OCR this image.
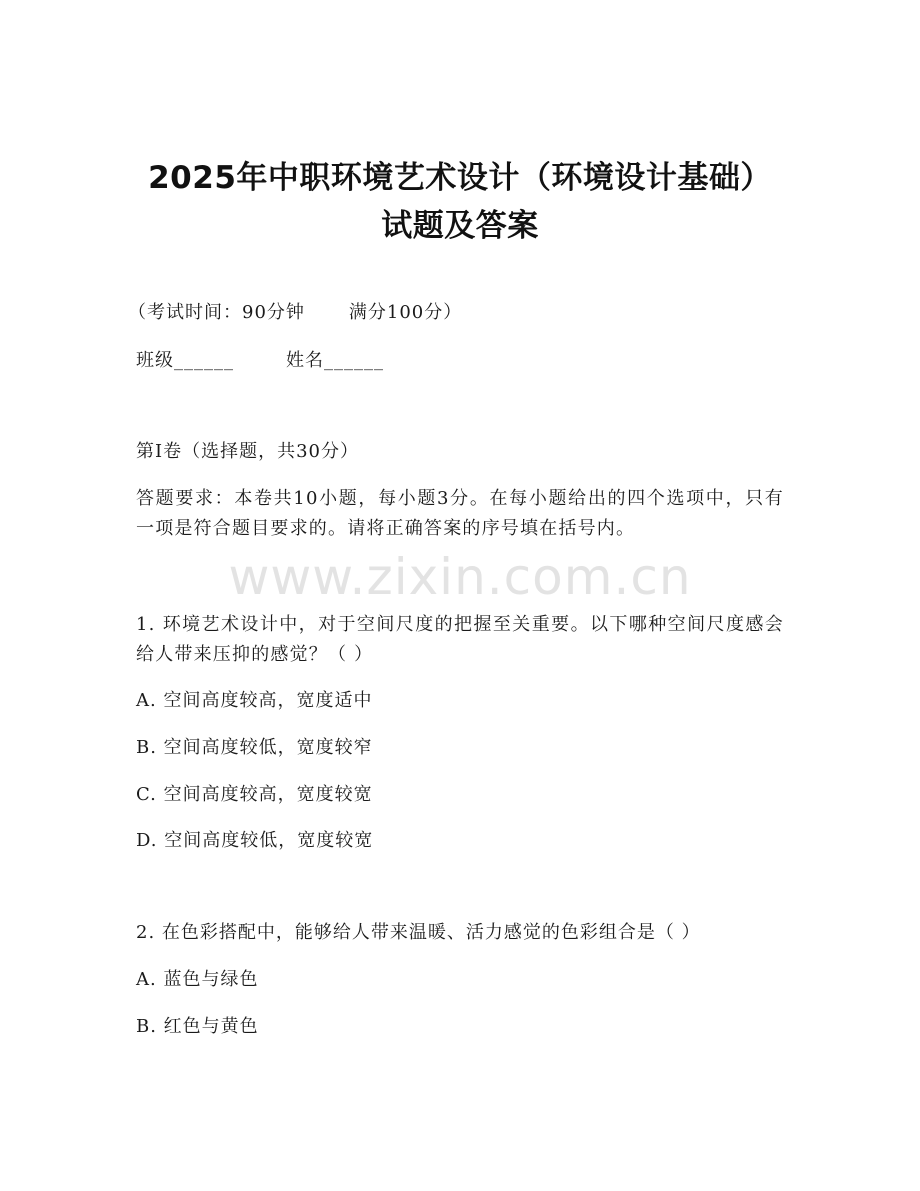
2025年中职环境艺术设计（环境设计基础）
试题及答案
（考试时间：90分钟 满分100分）
班级______	姓名______
第I卷（选择题，共30分）
答题要求：本卷共10小题，每小题3分。在每小题给出的四个选项中，只有一项是符合题目要求的。请将正确答案的序号填在括号内。
www.zixin.com.cn
1. 环境艺术设计中，对于空间尺度的把握至关重要。以下哪种空间尺度感会给人带来压抑的感觉？（ ）
A. 空间高度较高，宽度适中
B. 空间高度较低，宽度较窄
C. 空间高度较高，宽度较宽
D. 空间高度较低，宽度较宽
2. 在色彩搭配中，能够给人带来温暖、活力感觉的色彩组合是（ ）
A. 蓝色与绿色
B. 红色与黄色
